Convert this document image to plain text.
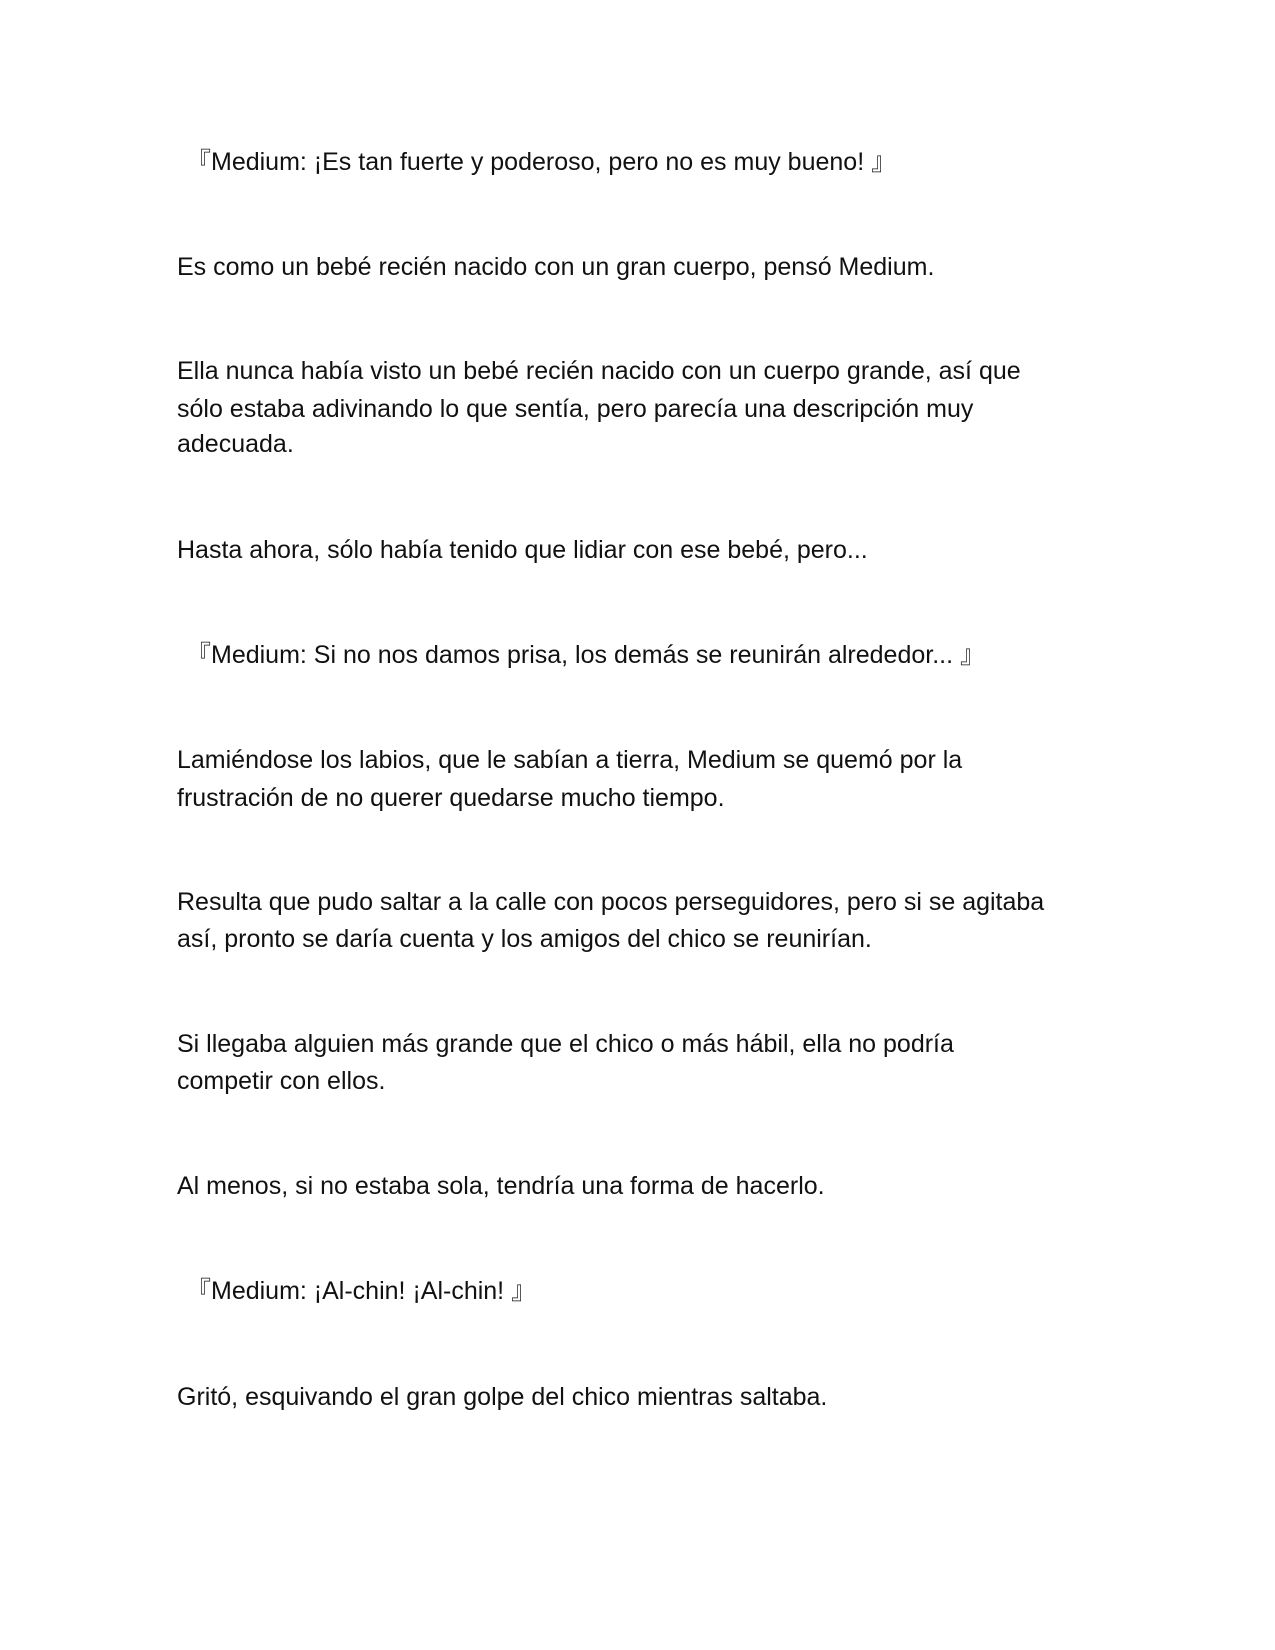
『Medium: ¡Es tan fuerte y poderoso, pero no es muy bueno! 』
Es como un bebé recién nacido con un gran cuerpo, pensó Medium.
Ella nunca había visto un bebé recién nacido con un cuerpo grande, así que
sólo estaba adivinando lo que sentía, pero parecía una descripción muy
adecuada.
Hasta ahora, sólo había tenido que lidiar con ese bebé, pero...
『Medium: Si no nos damos prisa, los demás se reunirán alrededor... 』
Lamiéndose los labios, que le sabían a tierra, Medium se quemó por la
frustración de no querer quedarse mucho tiempo.
Resulta que pudo saltar a la calle con pocos perseguidores, pero si se agitaba
así, pronto se daría cuenta y los amigos del chico se reunirían.
Si llegaba alguien más grande que el chico o más hábil, ella no podría
competir con ellos.
Al menos, si no estaba sola, tendría una forma de hacerlo.
『Medium: ¡Al-chin! ¡Al-chin! 』
Gritó, esquivando el gran golpe del chico mientras saltaba.
